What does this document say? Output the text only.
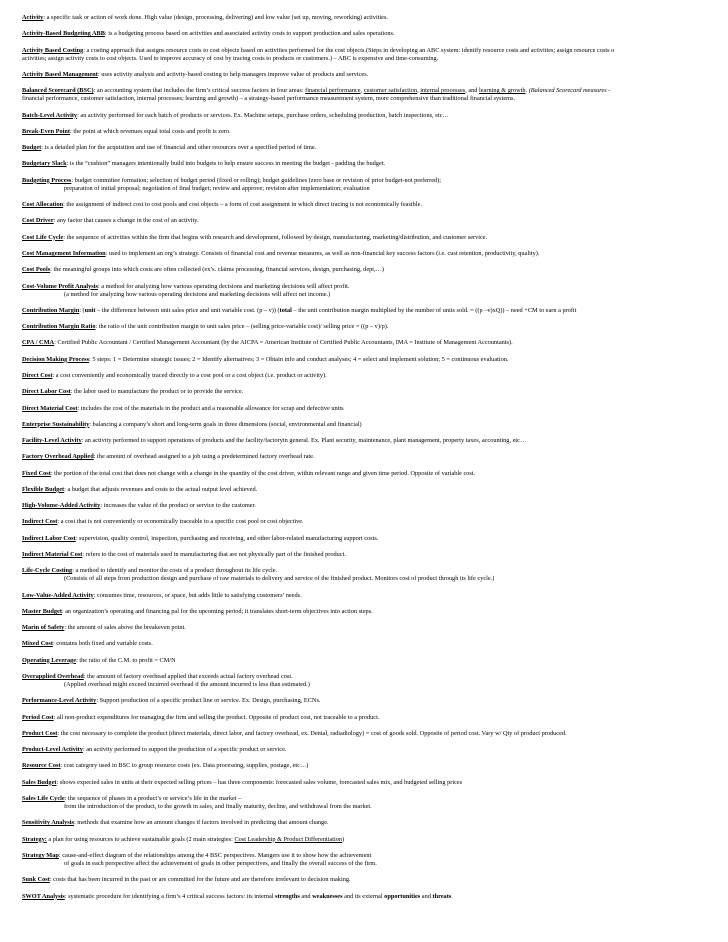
Activity: a specific task or action of work done. High value (design, processing, delivering) and low value (set up, moving, reworking) activities.
Activity-Based Budgeting ABB: is a budgeting process based on activities and associated activity costs to support production and sales operations.
Activity Based Costing: a costing approach that assigns resource costs to cost objects based on activities performed for the cost objects.(Steps in developing an ABC system: identify resource costs and activities; assign resource costs o
activities; assign activity costs to cost objects. Used to improve accuracy of cost by tracing costs to products or customers.) – ABC is expensive and time-consuming.
Activity Based Management: uses activity analysis and activity-based costing to help managers improve value of products and services.
Balanced Scorecard (BSC): an accounting system that includes the firm’s critical success factors in four areas: financial performance, customer satisfaction, internal processes, and learning & growth. (Balanced Scorecard measures -
financial performance, customer satisfaction, internal processes; learning and growth) – a strategy-based performance measurement system, more comprehensive than traditional financial systems.
Batch-Level Activity: an activity performed for each batch of products or services. Ex. Machine setups, purchase orders, scheduling production, batch inspections, etc…
Break-Even Point: the point at which revenues equal total costs and profit is zero.
Budget: is a detailed plan for the acquisition and use of financial and other resources over a specified period of time.
Budgetary Slack: is the “cushion” managers intentionally build into budgets to help ensure success in meeting the budget - padding the budget.
Budgeting Process: budget committee formation; selection of budget period (fixed or rolling); budget guidelines (zero base or revision of prior budget-not preferred);
preparation of initial proposal; negotiation of final budget; review and approve; revision after implementation; evaluation
Cost Allocation: the assignment of indirect cost to cost pools and cost objects – a form of cost assignment in which direct tracing is not economically feasible.
Cost Driver: any factor that causes a change in the cost of an activity.
Cost Life Cycle: the sequence of activities within the firm that begins with research and development, followed by design, manufacturing, marketing/distribution, and customer service.
Cost Management Information: used to implement an org’s strategy. Consists of financial cost and revenue measures, as well as non-financial key success factors (i.e. cust retention, productivity, quality).
Cost Pools: the meaningful groups into which costs are often collected (ex’s. claims processing, financial services, design, purchasing, dept,…)
Cost-Volume Profit Analysis: a method for analyzing how various operating decisions and marketing decisions will affect profit.
(a method for analyzing how various operating decisions and marketing decisions will affect net income.)
Contribution Margin: (unit – the difference between unit sales price and unit variable cost. (p – v)) (total – the unit contribution margin multiplied by the number of units sold. = ((p –v)xQ)) – need +CM to earn a profit
Contribution Margin Ratio: the ratio of the unit contribution margin to unit sales price – (selling price-variable cost)/ selling price = ((p – v)/p).
CPA / CMA: Certified Public Accountant / Certified Management Accountant (by the AICPA = American Institute of Certified Public Accountants, IMA = Institute of Management Accountants).
Decision Making Process: 5 steps: 1 = Determine strategic issues; 2 = Identify alternatives; 3 = Obtain info and conduct analyses; 4 = select and implement solution; 5 = continuous evaluation.
Direct Cost: a cost conveniently and economically traced directly to a cost pool or a cost object (i.e. product or activity).
Direct Labor Cost: the labor used to manufacture the product or to provide the service.
Direct Material Cost: includes the cost of the materials in the product and a reasonable allowance for scrap and defective units
Enterprise Sustainability: balancing a company’s short and long-term goals in three dimensions (social, environmental and financial)
Facility-Level Activity: an activity performed to support operations of products and the facility/factoryin general. Ex. Plant security, maintenance, plant management, property taxes, accounting, etc…
Factory Overhead Applied: the amount of overhead assigned to a job using a predetermined factory overhead rate.
Fixed Cost: the portion of the total cost that does not change with a change in the quantity of the cost driver, within relevant range and given time period. Opposite of variable cost.
Flexible Budget: a budget that adjusts revenues and costs to the actual output level achieved.
High-Volume-Added Activity: increases the value of the product or service to the customer.
Indirect Cost: a cost that is not conveniently or economically traceable to a specific cost pool or cost objective.
Indirect Labor Cost: supervision, quality control, inspection, purchasing and receiving, and other labor-related manufacturing support costs.
Indirect Material Cost: refers to the cost of materials used in manufacturing that are not physically part of the finished product.
Life-Cycle Costing: a method to identify and monitor the costs of a product throughout its life cycle.
(Consists of all steps from production design and purchase of raw materials to delivery and service of the finished product. Monitors cost of product through its life cycle.)
Low-Value-Added Activity: consumes time, resources, or space, but adds little to satisfying customers’ needs.
Master Budget: an organization’s operating and financing pal for the upcoming period; it translates short-term objectives into action steps.
Marin of Safety: the amount of sales above the breakeven point.
Mixed Cost: contains both fixed and variable costs.
Operating Leverage: the ratio of the C.M. to profit = CM/N
Overapplied Overhead: the amount of factory overhead applied that exceeds actual factory overhead cost.
(Applied overhead might exceed incurred overhead if the amount incurred is less than estimated.)
Performance-Level Activity: Support production of a specific product line or service. Ex. Design, purchasing, ECNs.
Period Cost: all non-product expenditures for managing the firm and selling the product. Opposite of product cost, not traceable to a product.
Product Cost: the cost necessary to complete the product (direct materials, direct labor, and factory overhead, ex. Dental, radiadiology) = cost of goods sold. Opposite of period cost. Vary w/ Qty of product produced.
Product-Level Activity: an activity performed to support the production of a specific product or service.
Resource Cost: cost category used in BSC to group resource costs (ex. Data processing, supplies, postage, etc…)
Sales Budget: shows expected sales in units at their expected selling prices – has three components: forecasted sales volume, forecasted sales mix, and budgeted selling prices
Sales Life Cycle: the sequence of phases in a product’s or service’s life in the market –
from the introduction of the product, to the growth in sales, and finally maturity, decline, and withdrawal from the market.
Sensitivity Analysis: methods that examine how an amount changes if factors involved in predicting that amount change.
Strategy: a plan for using resources to achieve sustainable goals (2 main strategies: Cost Leadership & Product Differentiation)
Strategy Map: cause-and-effect diagram of the relationships among the 4 BSC perspectives. Mangers use it to show how the achievement
of goals in each perspective affect the achievement of goals in other perspectives, and finally the overall success of the firm.
Sunk Cost: costs that has been incurred in the past or are committed for the future and are therefore irrelevant to decision making.
SWOT Analysis: systematic procedure for identifying a firm’s 4 critical success factors: its internal strengths and weaknesses and its external opportunities and threats.
